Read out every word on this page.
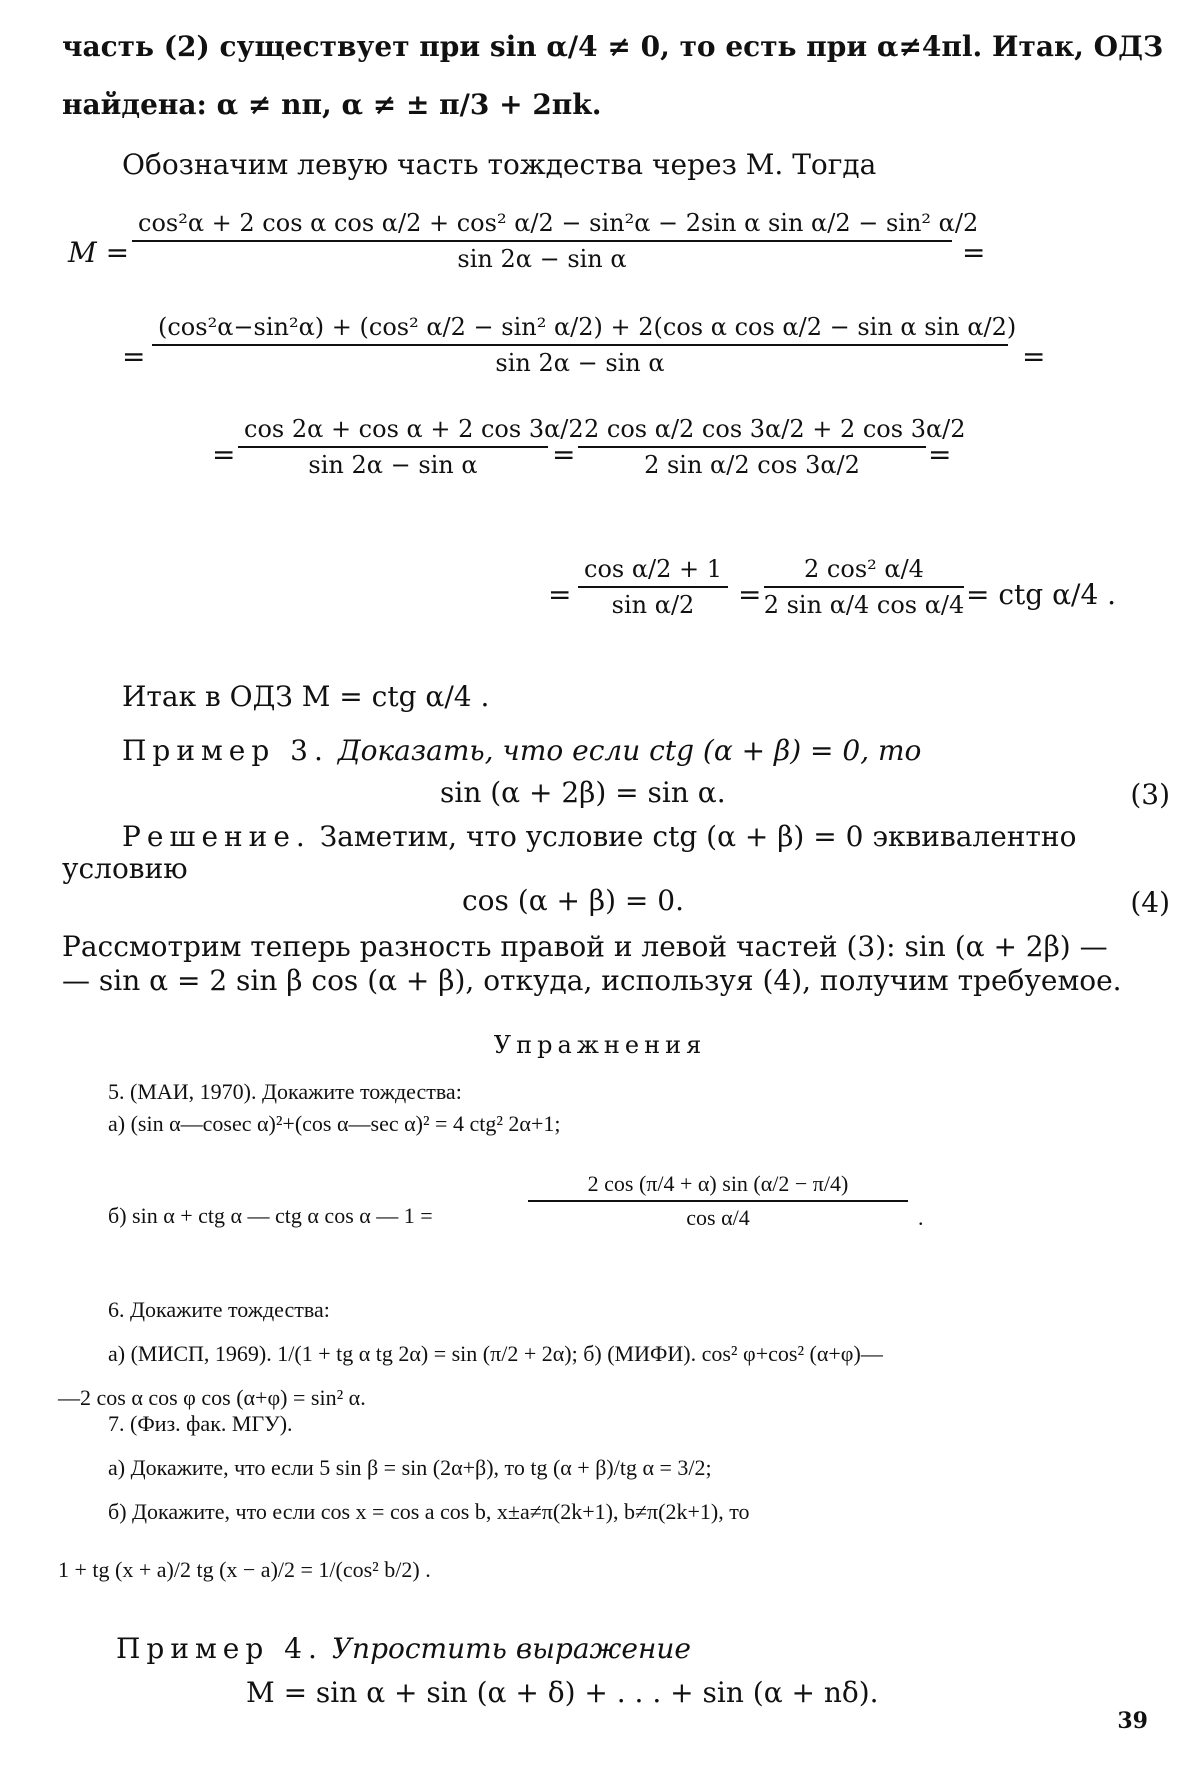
часть (2) существует при sin α/4 ≠ 0, то есть при α≠4πl. Итак, ОДЗ
найдена: α ≠ nπ, α ≠ ± π/3 + 2πk.
Обозначим левую часть тождества через M. Тогда
M =
cos²α + 2 cos α cos α/2 + cos² α/2 − sin²α − 2sin α sin α/2 − sin² α/2
sin 2α − sin α	=
=
(cos²α−sin²α) + (cos² α/2 − sin² α/2) + 2(cos α cos α/2 − sin α sin α/2)
sin 2α − sin α	=
= $\frac{\text{cos 2α + cos α + 2 cos 3α/2}}{\text{sin 2α − sin α}} = \frac{\text{2 cos α/2 cos 3α/2 + 2 cos 3α/2}}{\text{2 sin α/2 cos 3α/2}}$ =
= $\frac{\text{cos α/2 + 1}}{\text{sin α/2}} = \frac{\text{2 cos² α/4}}{\text{2 sin α/4 cos α/4}}$ = ctg α/4 .
Итак в ОДЗ M = ctg α/4 .
Пример 3. Доказать, что если ctg (α + β) = 0, то
sin (α + 2β) = sin α.	(3)
Решение. Заметим, что условие ctg (α + β) = 0 эквивалентно
условию
cos (α + β) = 0.	(4)
Рассмотрим теперь разность правой и левой частей (3): sin (α + 2β) —
— sin α = 2 sin β cos (α + β), откуда, используя (4), получим требуемое.
Упражнения
5. (МАИ, 1970). Докажите тождества:
а) (sin α—cosec α)²+(cos α—sec α)² = 4 ctg² 2α+1;
б) sin α + ctg α — ctg α cos α — 1 =	$\frac{2 \cos (\pi/4 + \alpha) \sin (\alpha/2 - \pi/4)}{\text{cos α/4}}$ .
6. Докажите тождества:
а) (МИСП, 1969). 1/(1 + tg α tg 2α) = sin (π/2 + 2α); б) (МИФИ). cos² φ+cos² (α+φ)—
—2 cos α cos φ cos (α+φ) = sin² α.
7. (Физ. фак. МГУ).
а) Докажите, что если 5 sin β = sin (2α+β), то tg (α + β)/tg α = 3/2;
б) Докажите, что если cos x = cos a cos b, x±a≠π(2k+1), b≠π(2k+1), то
1 + tg (x + a)/2 tg (x − a)/2 = 1/(cos² b/2) .
Пример 4. Упростить выражение
M = sin α + sin (α + δ) + . . . + sin (α + nδ).
39
